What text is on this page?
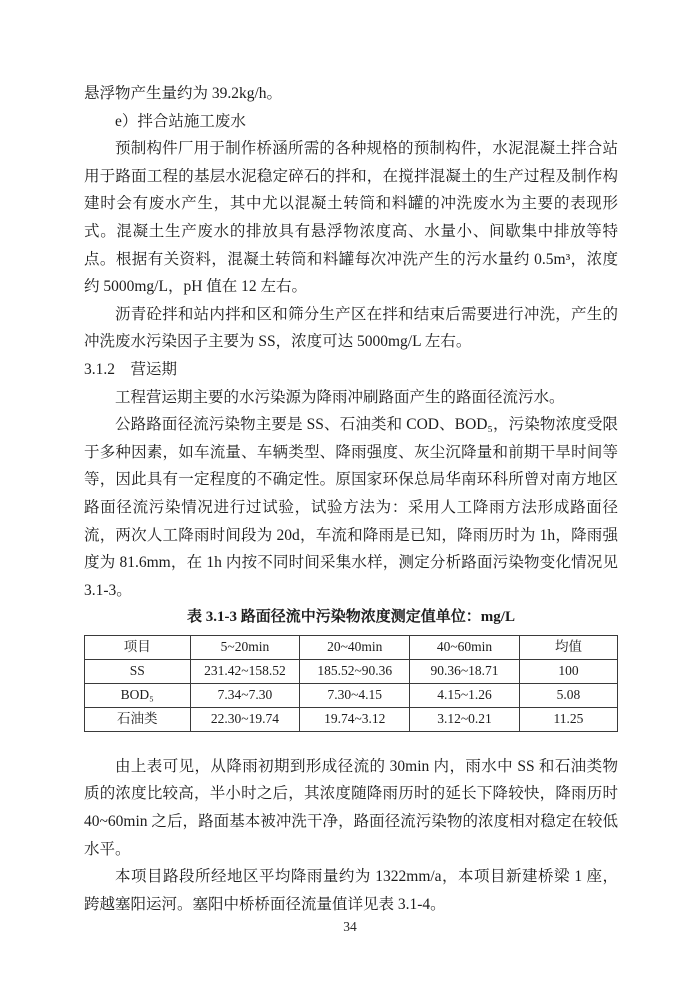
悬浮物产生量约为 39.2kg/h。

e）拌合站施工废水

预制构件厂用于制作桥涵所需的各种规格的预制构件，水泥混凝土拌合站用于路面工程的基层水泥稳定碎石的拌和，在搅拌混凝土的生产过程及制作构建时会有废水产生，其中尤以混凝土转筒和料罐的冲洗废水为主要的表现形式。混凝土生产废水的排放具有悬浮物浓度高、水量小、间歇集中排放等特点。根据有关资料，混凝土转筒和料罐每次冲洗产生的污水量约 0.5m³，浓度约 5000mg/L，pH 值在 12 左右。

沥青砼拌和站内拌和区和筛分生产区在拌和结束后需要进行冲洗，产生的冲洗废水污染因子主要为 SS，浓度可达 5000mg/L 左右。

3.1.2　营运期

工程营运期主要的水污染源为降雨冲刷路面产生的路面径流污水。

公路路面径流污染物主要是 SS、石油类和 COD、BOD₅，污染物浓度受限于多种因素，如车流量、车辆类型、降雨强度、灰尘沉降量和前期干旱时间等等，因此具有一定程度的不确定性。原国家环保总局华南环科所曾对南方地区路面径流污染情况进行过试验，试验方法为：采用人工降雨方法形成路面径流，两次人工降雨时间段为 20d，车流和降雨是已知，降雨历时为 1h，降雨强度为 81.6mm，在 1h 内按不同时间采集水样，测定分析路面污染物变化情况见 3.1-3。

表 3.1-3 路面径流中污染物浓度测定值单位：mg/L
项目	5~20min	20~40min	40~60min	均值
SS	231.42~158.52	185.52~90.36	90.36~18.71	100
BOD₅	7.34~7.30	7.30~4.15	4.15~1.26	5.08
石油类	22.30~19.74	19.74~3.12	3.12~0.21	11.25

由上表可见，从降雨初期到形成径流的 30min 内，雨水中 SS 和石油类物质的浓度比较高，半小时之后，其浓度随降雨历时的延长下降较快，降雨历时 40~60min 之后，路面基本被冲洗干净，路面径流污染物的浓度相对稳定在较低水平。

本项目路段所经地区平均降雨量约为 1322mm/a，本项目新建桥梁 1 座，跨越塞阳运河。塞阳中桥桥面径流量值详见表 3.1-4。

34
